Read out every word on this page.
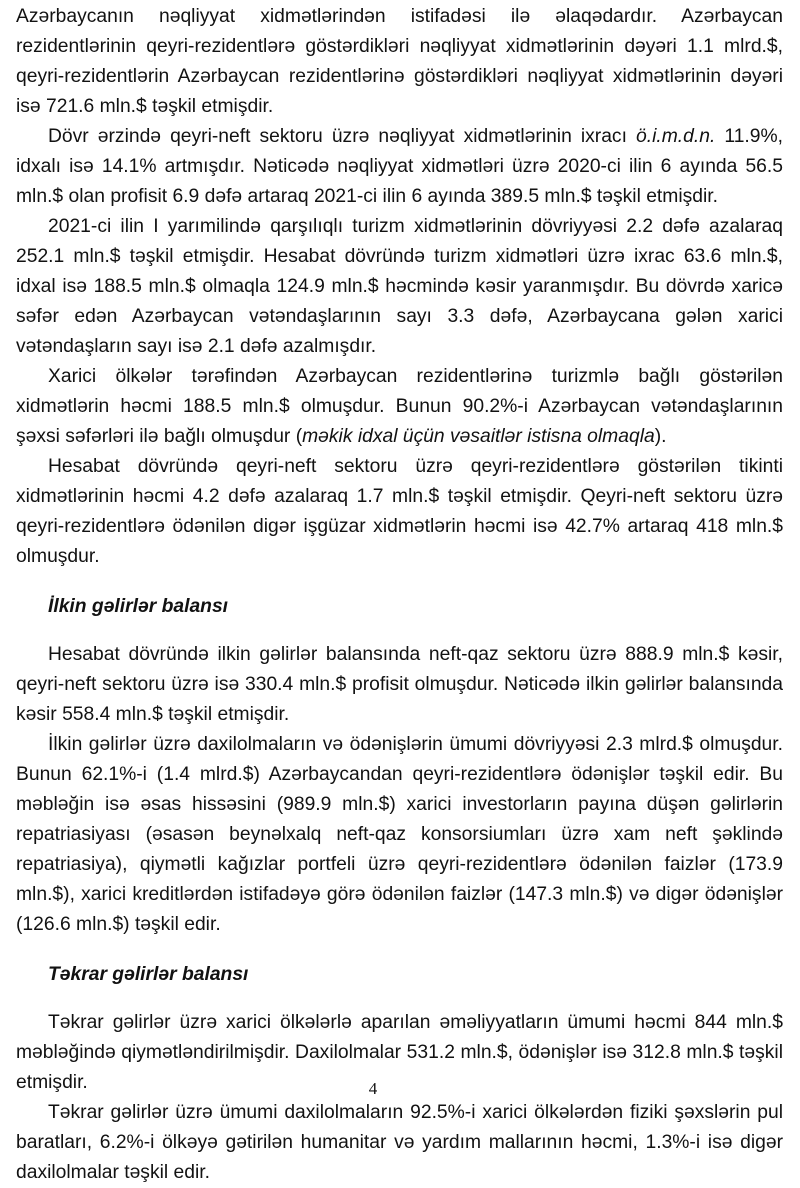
Azərbaycanın nəqliyyat xidmətlərindən istifadəsi ilə əlaqədardır. Azərbaycan rezidentlərinin qeyri-rezidentlərə göstərdikləri nəqliyyat xidmətlərinin dəyəri 1.1 mlrd.$, qeyri-rezidentlərin Azərbaycan rezidentlərinə göstərdikləri nəqliyyat xidmətlərinin dəyəri isə 721.6 mln.$ təşkil etmişdir.

Dövr ərzində qeyri-neft sektoru üzrə nəqliyyat xidmətlərinin ixracı ö.i.m.d.n. 11.9%, idxalı isə 14.1% artmışdır. Nəticədə nəqliyyat xidmətləri üzrə 2020-ci ilin 6 ayında 56.5 mln.$ olan profisit 6.9 dəfə artaraq 2021-ci ilin 6 ayında 389.5 mln.$ təşkil etmişdir.

2021-ci ilin I yarımilində qarşılıqlı turizm xidmətlərinin dövriyyəsi 2.2 dəfə azalaraq 252.1 mln.$ təşkil etmişdir. Hesabat dövründə turizm xidmətləri üzrə ixrac 63.6 mln.$, idxal isə 188.5 mln.$ olmaqla 124.9 mln.$ həcmində kəsir yaranmışdır. Bu dövrdə xaricə səfər edən Azərbaycan vətəndaşlarının sayı 3.3 dəfə, Azərbaycana gələn xarici vətəndaşların sayı isə 2.1 dəfə azalmışdır.

Xarici ölkələr tərəfindən Azərbaycan rezidentlərinə turizmlə bağlı göstərilən xidmətlərin həcmi 188.5 mln.$ olmuşdur. Bunun 90.2%-i Azərbaycan vətəndaşlarının şəxsi səfərləri ilə bağlı olmuşdur (məkik idxal üçün vəsaitlər istisna olmaqla).

Hesabat dövründə qeyri-neft sektoru üzrə qeyri-rezidentlərə göstərilən tikinti xidmətlərinin həcmi 4.2 dəfə azalaraq 1.7 mln.$ təşkil etmişdir. Qeyri-neft sektoru üzrə qeyri-rezidentlərə ödənilən digər işgüzar xidmətlərin həcmi isə 42.7% artaraq 418 mln.$ olmuşdur.

İlkin gəlirlər balansı

Hesabat dövründə ilkin gəlirlər balansında neft-qaz sektoru üzrə 888.9 mln.$ kəsir, qeyri-neft sektoru üzrə isə 330.4 mln.$ profisit olmuşdur. Nəticədə ilkin gəlirlər balansında kəsir 558.4 mln.$ təşkil etmişdir.

İlkin gəlirlər üzrə daxilolmaların və ödənişlərin ümumi dövriyyəsi 2.3 mlrd.$ olmuşdur. Bunun 62.1%-i (1.4 mlrd.$) Azərbaycandan qeyri-rezidentlərə ödənişlər təşkil edir. Bu məbləğin isə əsas hissəsini (989.9 mln.$) xarici investorların payına düşən gəlirlərin repatriasiyası (əsasən beynəlxalq neft-qaz konsorsiumları üzrə xam neft şəklində repatriasiya), qiymətli kağızlar portfeli üzrə qeyri-rezidentlərə ödənilən faizlər (173.9 mln.$), xarici kreditlərdən istifadəyə görə ödənilən faizlər (147.3 mln.$) və digər ödənişlər (126.6 mln.$) təşkil edir.

Təkrar gəlirlər balansı

Təkrar gəlirlər üzrə xarici ölkələrlə aparılan əməliyyatların ümumi həcmi 844 mln.$ məbləğində qiymətləndirilmişdir. Daxilolmalar 531.2 mln.$, ödənişlər isə 312.8 mln.$ təşkil etmişdir.

Təkrar gəlirlər üzrə ümumi daxilolmaların 92.5%-i xarici ölkələrdən fiziki şəxslərin pul baratları, 6.2%-i ölkəyə gətirilən humanitar və yardım mallarının həcmi, 1.3%-i isə digər daxilolmalar təşkil edir.

4
